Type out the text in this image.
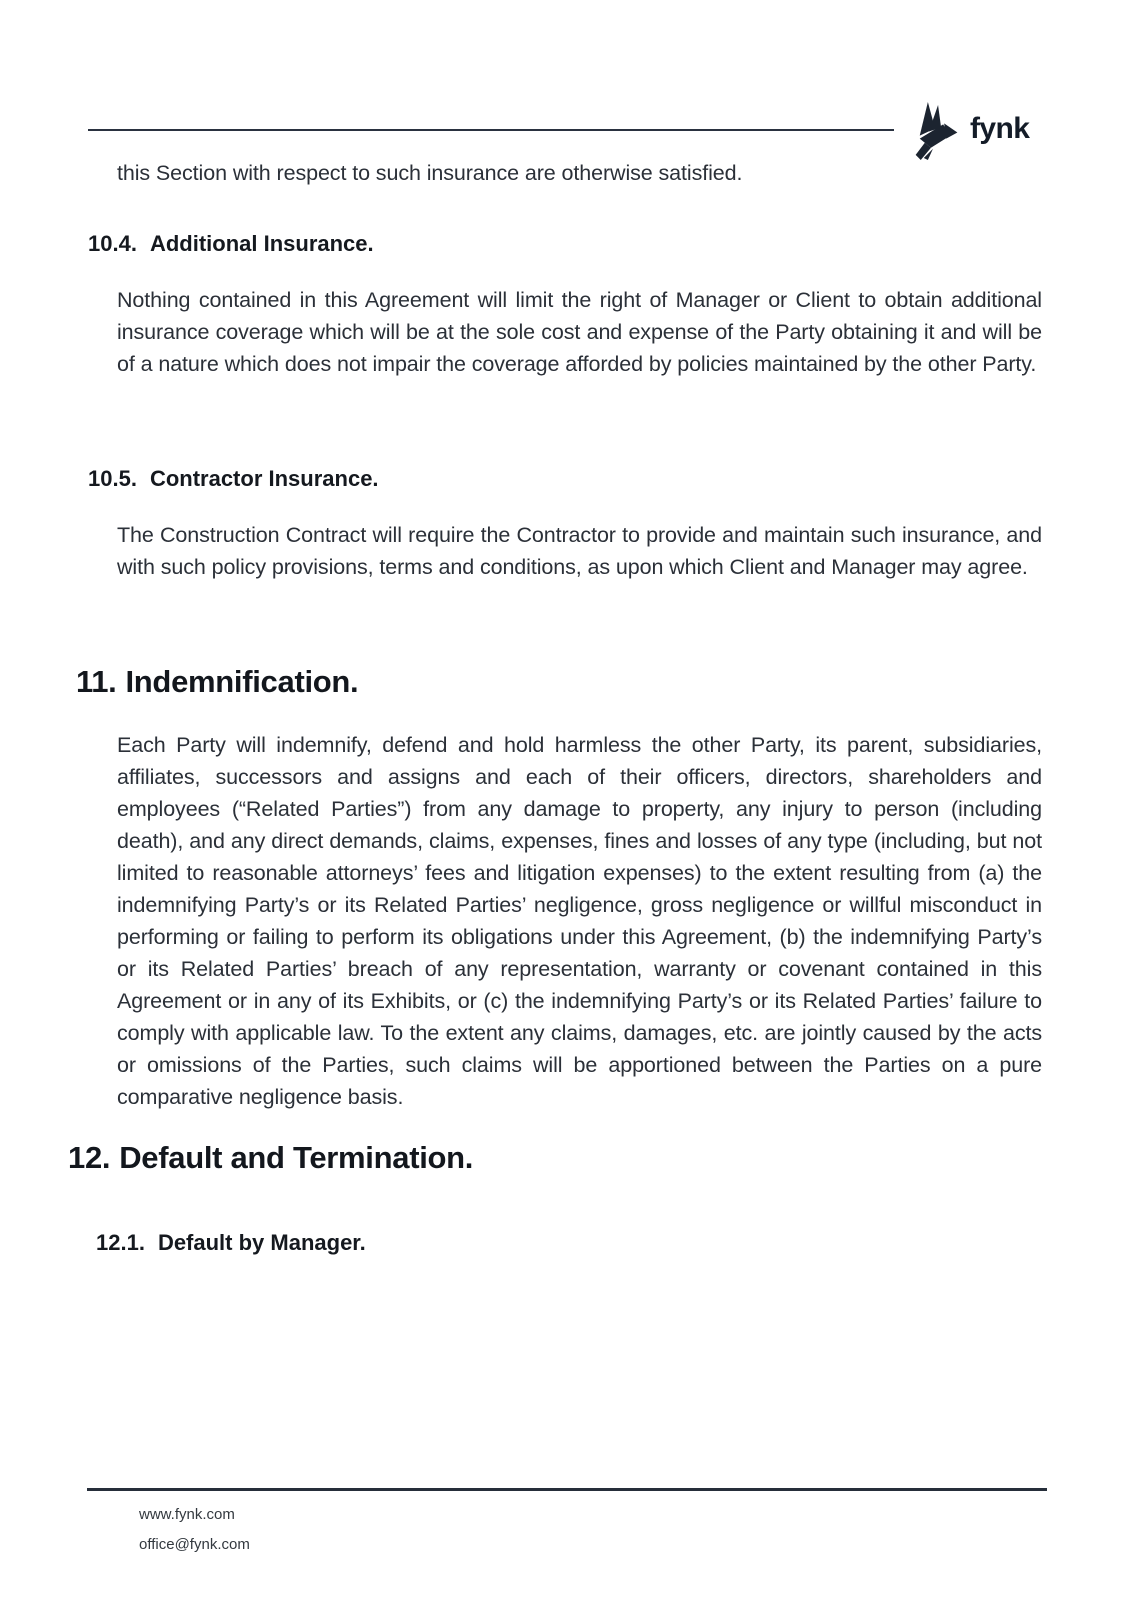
fynk

this Section with respect to such insurance are otherwise satisfied.

10.4. Additional Insurance.

Nothing contained in this Agreement will limit the right of Manager or Client to obtain additional insurance coverage which will be at the sole cost and expense of the Party obtaining it and will be of a nature which does not impair the coverage afforded by policies maintained by the other Party.

10.5. Contractor Insurance.

The Construction Contract will require the Contractor to provide and maintain such insurance, and with such policy provisions, terms and conditions, as upon which Client and Manager may agree.

11. Indemnification.

Each Party will indemnify, defend and hold harmless the other Party, its parent, subsidiaries, affiliates, successors and assigns and each of their officers, directors, shareholders and employees (“Related Parties”) from any damage to property, any injury to person (including death), and any direct demands, claims, expenses, fines and losses of any type (including, but not limited to reasonable attorneys’ fees and litigation expenses) to the extent resulting from (a) the indemnifying Party’s or its Related Parties’ negligence, gross negligence or willful misconduct in performing or failing to perform its obligations under this Agreement, (b) the indemnifying Party’s or its Related Parties’ breach of any representation, warranty or covenant contained in this Agreement or in any of its Exhibits, or (c) the indemnifying Party’s or its Related Parties’ failure to comply with applicable law. To the extent any claims, damages, etc. are jointly caused by the acts or omissions of the Parties, such claims will be apportioned between the Parties on a pure comparative negligence basis.

12. Default and Termination.
12.1. Default by Manager.
www.fynk.com
office@fynk.com
